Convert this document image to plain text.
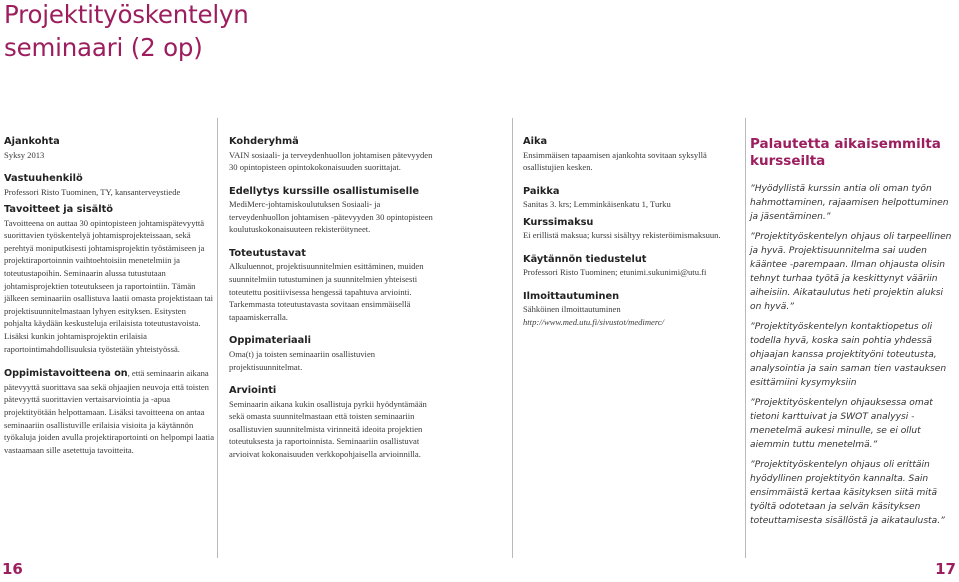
Projektityöskentelyn
seminaari (2 op)

Ajankohta

Syksy 2013

Vastuuhenkilö

Professori Risto Tuominen, TY, kansanterveystiede

Tavoitteet ja sisältö

Tavoitteena on auttaa 30 opintopisteen johtamispätevyyttä suorittavien työskentelyä johtamisprojekteissaan, sekä perehtyä moniputkisesti johtamisprojektin työstämiseen ja projektiraportoinnin vaihtoehtoisiin menetelmiin ja toteutustapoihin. Seminaarin alussa tutustutaan johtamisprojektien toteutukseen ja raportointiin. Tämän jälkeen seminaariin osallistuva laatii omasta projektistaan tai projektisuunnitelmastaan lyhyen esityksen. Esitysten pohjalta käydään keskusteluja erilaisista toteutustavoista. Lisäksi kunkin johtamisprojektin erilaisia raportointimahdollisuuksia työstetään yhteistyössä.

Oppimistavoitteena on, että seminaarin aikana pätevyyttä suorittava saa sekä ohjaajien neuvoja että toisten pätevyyttä suorittavien vertaisarviointia ja -apua projektityötään helpottamaan. Lisäksi tavoitteena on antaa seminaariin osallistuville erilaisia visioita ja käytännön työkaluja joiden avulla projektiraportointi on helpompi laatia vastaamaan sille asetettuja tavoitteita.

Kohderyhmä

VAIN sosiaali- ja terveydenhuollon johtamisen pätevyyden 30 opintopisteen opintokokonaisuuden suorittajat.

Edellytys kurssille osallistumiselle

MediMerc-johtamiskoulutuksen Sosiaali- ja terveydenhuollon johtamisen -pätevyyden 30 opintopisteen koulutuskokonaisuuteen rekisteröityneet.

Toteutustavat

Alkuluennot, projektisuunnitelmien esittäminen, muiden suunnitelmiin tutustuminen ja suunnitelmien yhteisesti toteutettu positiivisessa hengessä tapahtuva arviointi. Tarkemmasta toteutustavasta sovitaan ensimmäisellä tapaamiskerralla.

Oppimateriaali

Oma(t) ja toisten seminaariin osallistuvien projektisuunnitelmat.

Arviointi

Seminaarin aikana kukin osallistuja pyrkii hyödyntämään sekä omasta suunnitelmastaan että toisten seminaariin osallistuvien suunnitelmista virinneitä ideoita projektien toteutuksesta ja raportoinnista. Seminaariin osallistuvat arvioivat kokonaisuuden verkkopohjaisella arvioinnilla.

Aika

Ensimmäisen tapaamisen ajankohta sovitaan syksyllä osallistujien kesken.

Paikka

Sanitas 3. krs; Lemminkäisenkatu 1, Turku

Kurssimaksu

Ei erillistä maksua; kurssi sisältyy rekisteröimismaksuun.

Käytännön tiedustelut

Professori Risto Tuominen; etunimi.sukunimi@utu.fi

Ilmoittautuminen

Sähköinen ilmoittautuminen

http://www.med.utu.fi/sivustot/medimerc/

Palautetta aikaisemmilta kursseilta

”Hyödyllistä kurssin antia oli oman työn hahmottaminen, rajaamisen helpottuminen ja jäsentäminen.”

”Projektityöskentelyn ohjaus oli tarpeellinen ja hyvä. Projektisuunnitelma sai uuden kääntee -parempaan. Ilman ohjausta olisin tehnyt turhaa työtä ja keskittynyt vääriin aiheisiin. Aikataulutus heti projektin aluksi on hyvä.”

”Projektityöskentelyn kontaktiopetus oli todella hyvä, koska sain pohtia yhdessä ohjaajan kanssa projektityöni toteutusta, analysointia ja sain saman tien vastauksen esittämiini kysymyksiin

”Projektityöskentelyn ohjauksessa omat tietoni karttuivat ja SWOT analyysi -menetelmä aukesi minulle, se ei ollut aiemmin tuttu menetelmä.”

”Projektityöskentelyn ohjaus oli erittäin hyödyllinen projektityön kannalta. Sain ensimmäistä kertaa käsityksen siitä mitä työltä odotetaan ja selvän käsityksen toteuttamisesta sisällöstä ja aikataulusta.”

16	17
